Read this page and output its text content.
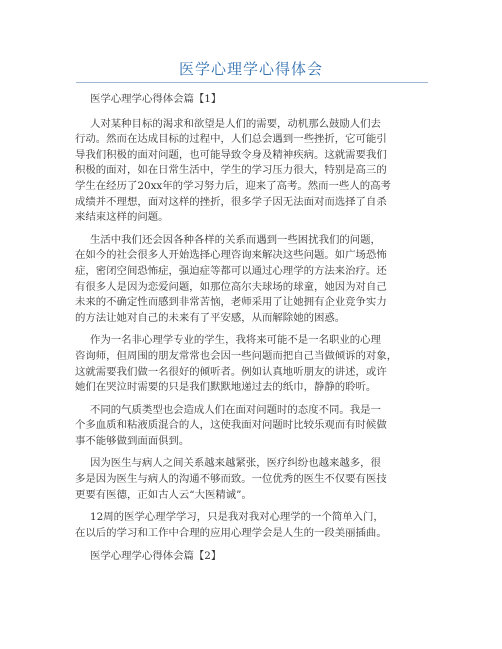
医学心理学心得体会
医学心理学心得体会篇【1】
人对某种目标的渴求和欲望是人们的需要，动机那么鼓励人们去
行动。然而在达成目标的过程中，人们总会遇到一些挫折，它可能引
导我们积极的面对问题，也可能导致令身及精神疾病。这就需要我们
积极的面对，如在日常生活中，学生的学习压力很大，特别是高三的
学生在经历了20xx年的学习努力后，迎来了高考。然而一些人的高考
成绩并不理想，面对这样的挫折，很多学子因无法面对而选择了自杀
来结束这样的问题。
生活中我们还会因各种各样的关系而遇到一些困扰我们的问题，
在如今的社会很多人开始选择心理咨询来解决这些问题。如广场恐怖
症，密闭空间恐怖症，强迫症等都可以通过心理学的方法来治疗。还
有很多人是因为恋爱问题，如那位高尔夫球场的球童，她因为对自己
未来的不确定性而感到非常苦恼，老师采用了让她拥有企业竞争实力
的方法让她对自己的未来有了平安感，从而解除她的困惑。
作为一名非心理学专业的学生，我将来可能不是一名职业的心理
咨询师，但周围的朋友常常也会因一些问题而把自己当做倾诉的对象，
这就需要我们做一名很好的倾听者。例如认真地听朋友的讲述，或许
她们在哭泣时需要的只是我们默默地递过去的纸巾，静静的聆听。
不同的气质类型也会造成人们在面对问题时的态度不同。我是一
个多血质和粘液质混合的人，这使我面对问题时比较乐观而有时候做
事不能够做到面面俱到。
因为医生与病人之间关系越来越紧张，医疗纠纷也越来越多，很
多是因为医生与病人的沟通不够而致。一位优秀的医生不仅要有医技
更要有医德，正如古人云“大医精诚”。
12周的医学心理学学习，只是我对我对心理学的一个简单入门，
在以后的学习和工作中合理的应用心理学会是人生的一段美丽插曲。
医学心理学心得体会篇【2】
